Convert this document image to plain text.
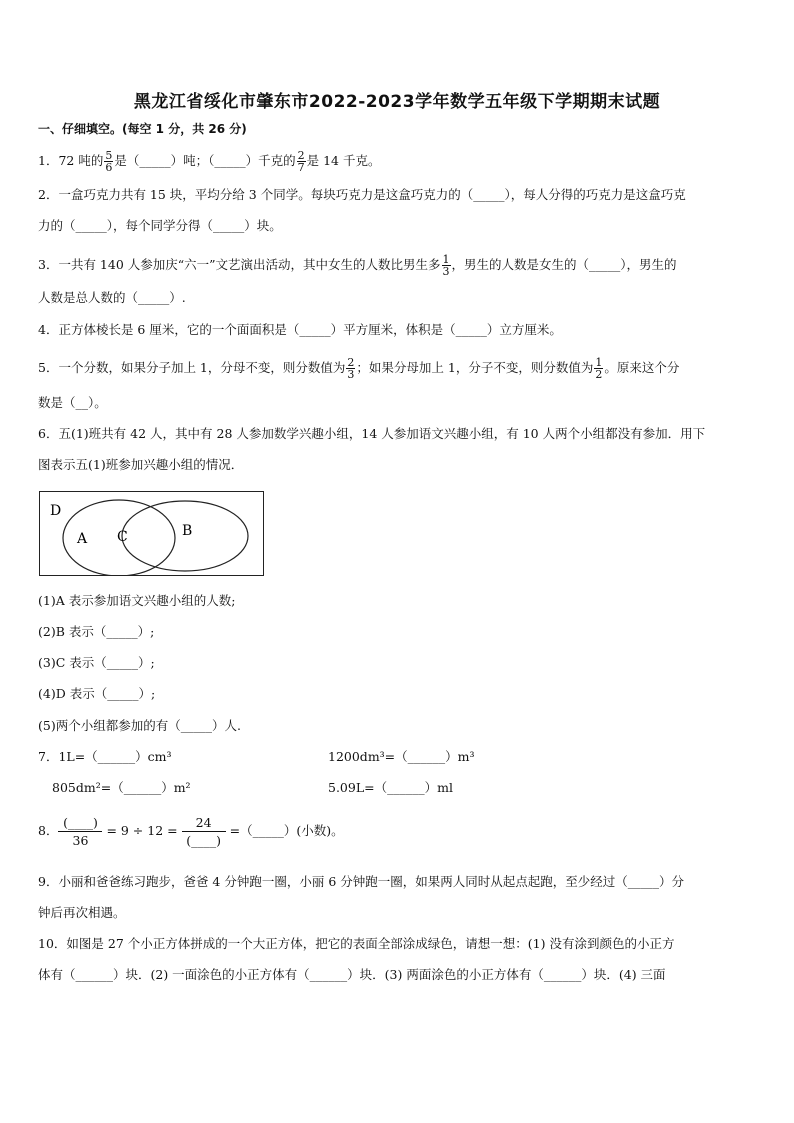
黑龙江省绥化市肇东市2022-2023学年数学五年级下学期期末试题
一、仔细填空。(每空 1 分，共 26 分)
1．72 吨的 $\frac{5}{6}$ 是（_____）吨；（_____）千克的 $\frac{2}{7}$ 是 14 千克。
2．一盒巧克力共有 15 块，平均分给 3 个同学。每块巧克力是这盒巧克力的（_____），每人分得的巧克力是这盒巧克
力的（_____），每个同学分得（_____）块。
3．一共有 140 人参加庆“六一”文艺演出活动，其中女生的人数比男生多 $\frac{1}{3}$ ，男生的人数是女生的（_____），男生的
人数是总人数的（_____）.
4．正方体棱长是 6 厘米，它的一个面面积是（_____）平方厘米，体积是（_____）立方厘米。
5．一个分数，如果分子加上 1，分母不变，则分数值为 $\frac{2}{3}$ ；如果分母加上 1，分子不变，则分数值为 $\frac{1}{2}$ 。原来这个分
数是（__）。
6．五(1)班共有 42 人，其中有 28 人参加数学兴趣小组，14 人参加语文兴趣小组，有 10 人两个小组都没有参加．用下
图表示五(1)班参加兴趣小组的情况．
D
A C	B
(1)A 表示参加语文兴趣小组的人数;
(2)B 表示（_____）;
(3)C 表示（_____）;
(4)D 表示（_____）;
(5)两个小组都参加的有（_____）人.
7．1L=（______）cm³	1200dm³=（______）m³
805dm²=（______）m²	5.09L=（______）ml
8． $\frac{(\_\_\_\_)}{36} = 9 \div 12 = \frac{24}{(\_\_\_\_)}$ =（_____）(小数)。
9．小丽和爸爸练习跑步，爸爸 4 分钟跑一圈，小丽 6 分钟跑一圈，如果两人同时从起点起跑，至少经过（_____）分
钟后再次相遇。
10．如图是 27 个小正方体拼成的一个大正方体，把它的表面全部涂成绿色，请想一想：(1) 没有涂到颜色的小正方
体有（______）块．(2) 一面涂色的小正方体有（______）块．(3) 两面涂色的小正方体有（______）块．(4) 三面
